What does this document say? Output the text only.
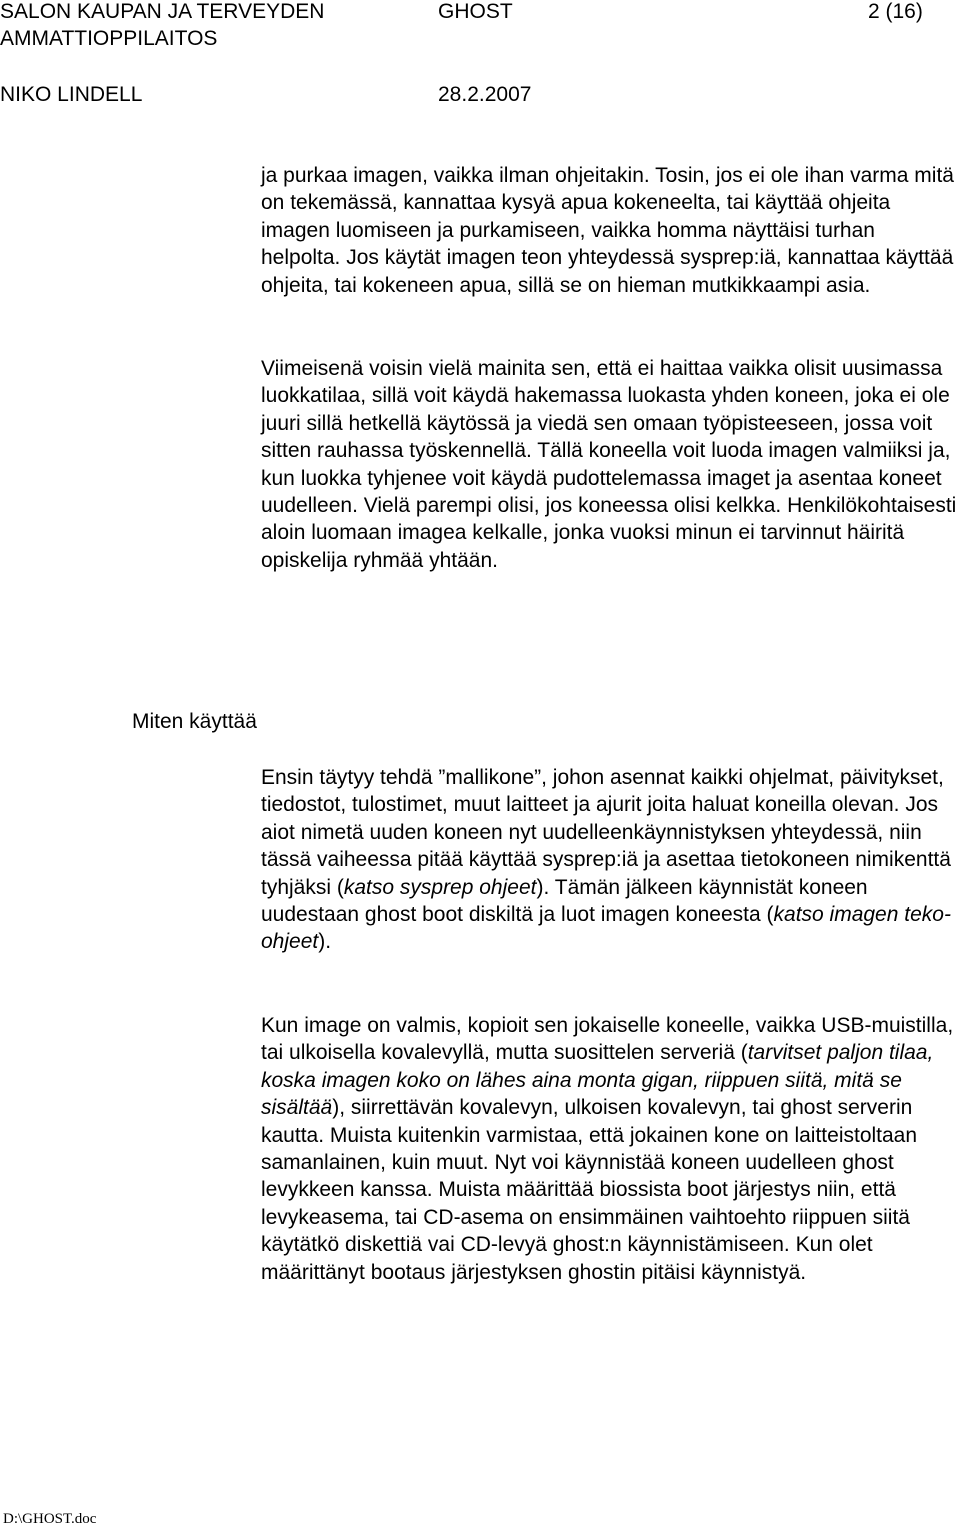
SALON KAUPAN JA TERVEYDEN
AMMATTIOPPILAITOS
GHOST	2 (16)
NIKO LINDELL	28.2.2007

ja purkaa imagen, vaikka ilman ohjeitakin. Tosin, jos ei ole ihan varma mitä on tekemässä, kannattaa kysyä apua kokeneelta, tai käyttää ohjeita imagen luomiseen ja purkamiseen, vaikka homma näyttäisi turhan helpolta. Jos käytät imagen teon yhteydessä sysprep:iä, kannattaa käyttää ohjeita, tai kokeneen apua, sillä se on hieman mutkikkaampi asia.

Viimeisenä voisin vielä mainita sen, että ei haittaa vaikka olisit uusimassa luokkatilaa, sillä voit käydä hakemassa luokasta yhden koneen, joka ei ole juuri sillä hetkellä käytössä ja viedä sen omaan työpisteeseen, jossa voit sitten rauhassa työskennellä. Tällä koneella voit luoda imagen valmiiksi ja, kun luokka tyhjenee voit käydä pudottelemassa imaget ja asentaa koneet uudelleen. Vielä parempi olisi, jos koneessa olisi kelkka. Henkilökohtaisesti aloin luomaan imagea kelkalle, jonka vuoksi minun ei tarvinnut häiritä opiskelija ryhmää yhtään.

Miten käyttää

Ensin täytyy tehdä ”mallikone”, johon asennat kaikki ohjelmat, päivitykset, tiedostot, tulostimet, muut laitteet ja ajurit joita haluat koneilla olevan. Jos aiot nimetä uuden koneen nyt uudelleenkäynnistyksen yhteydessä, niin tässä vaiheessa pitää käyttää sysprep:iä ja asettaa tietokoneen nimikenttä tyhjäksi (katso sysprep ohjeet). Tämän jälkeen käynnistät koneen uudestaan ghost boot diskiltä ja luot imagen koneesta (katso imagen teko-ohjeet).

Kun image on valmis, kopioit sen jokaiselle koneelle, vaikka USB-muistilla, tai ulkoisella kovalevyllä, mutta suosittelen serveriä (tarvitset paljon tilaa, koska imagen koko on lähes aina monta gigan, riippuen siitä, mitä se sisältää), siirrettävän kovalevyn, ulkoisen kovalevyn, tai ghost serverin kautta. Muista kuitenkin varmistaa, että jokainen kone on laitteistoltaan samanlainen, kuin muut. Nyt voi käynnistää koneen uudelleen ghost levykkeen kanssa. Muista määrittää biossista boot järjestys niin, että levykeasema, tai CD-asema on ensimmäinen vaihtoehto riippuen siitä käytätkö diskettiä vai CD-levyä ghost:n käynnistämiseen. Kun olet määrittänyt bootaus järjestyksen ghostin pitäisi käynnistyä.

D:\GHOST.doc
